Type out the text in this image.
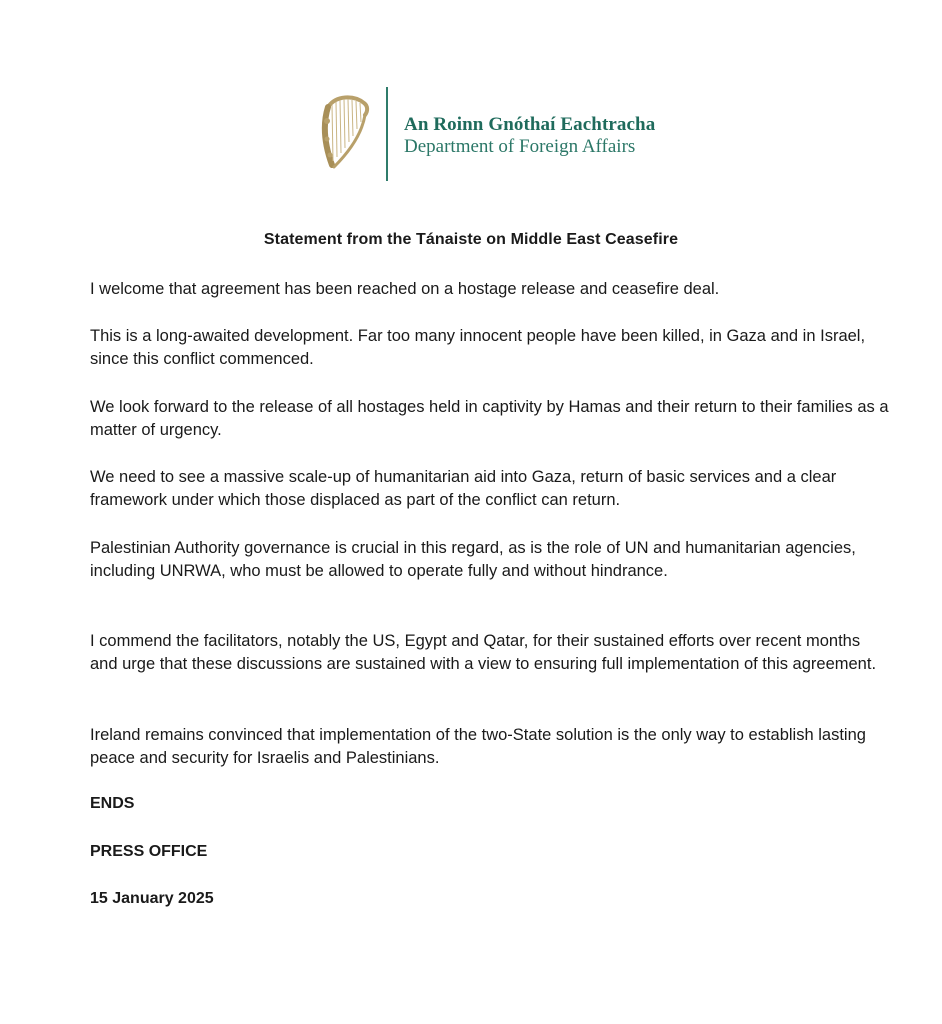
An Roinn Gnóthaí Eachtracha
Department of Foreign Affairs
Statement from the Tánaiste on Middle East Ceasefire

I welcome that agreement has been reached on a hostage release and ceasefire deal.

This is a long-awaited development. Far too many innocent people have been killed, in Gaza and in Israel, since this conflict commenced.

We look forward to the release of all hostages held in captivity by Hamas and their return to their families as a matter of urgency.

We need to see a massive scale-up of humanitarian aid into Gaza, return of basic services and a clear framework under which those displaced as part of the conflict can return.

Palestinian Authority governance is crucial in this regard, as is the role of UN and humanitarian agencies, including UNRWA, who must be allowed to operate fully and without hindrance.

I commend the facilitators, notably the US, Egypt and Qatar, for their sustained efforts over recent months and urge that these discussions are sustained with a view to ensuring full implementation of this agreement.

Ireland remains convinced that implementation of the two-State solution is the only way to establish lasting peace and security for Israelis and Palestinians.

ENDS

PRESS OFFICE

15 January 2025
